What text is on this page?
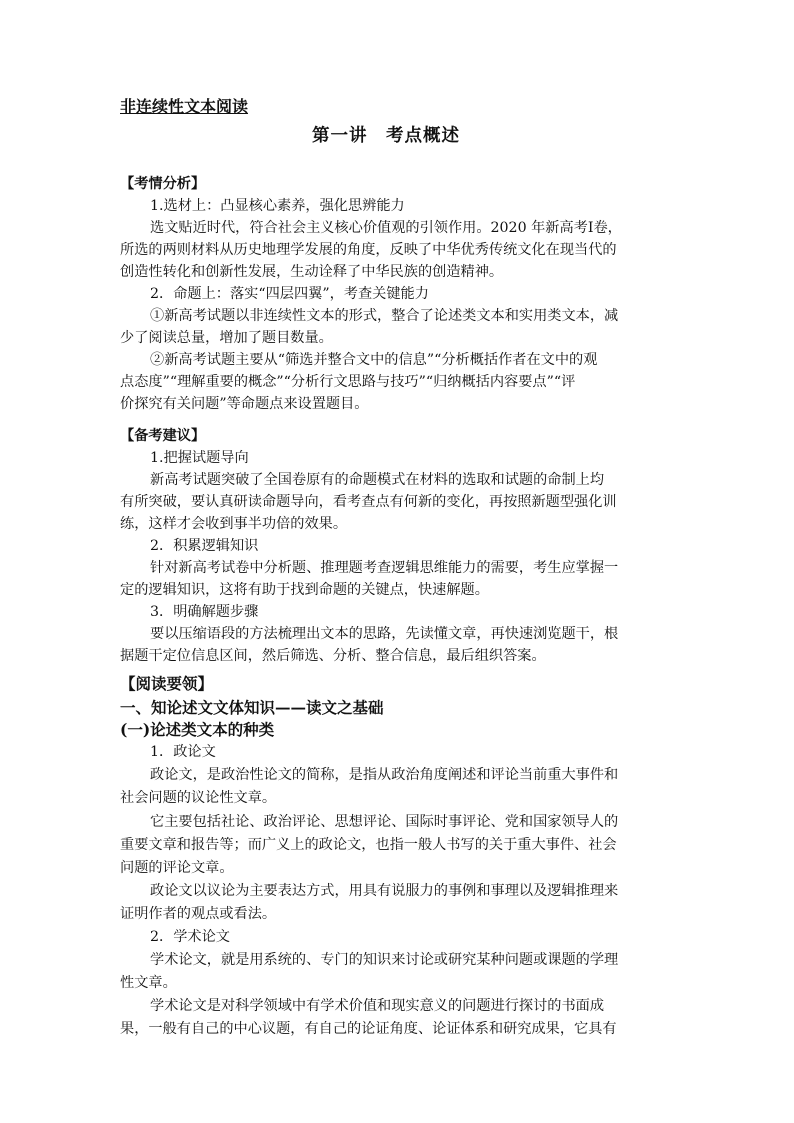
非连续性文本阅读
第一讲　考点概述
【考情分析】
1.选材上：凸显核心素养，强化思辨能力
选文贴近时代，符合社会主义核心价值观的引领作用。2020 年新高考Ⅰ卷，
所选的两则材料从历史地理学发展的角度，反映了中华优秀传统文化在现当代的
创造性转化和创新性发展，生动诠释了中华民族的创造精神。
2．命题上：落实“四层四翼”，考查关键能力
①新高考试题以非连续性文本的形式，整合了论述类文本和实用类文本，减
少了阅读总量，增加了题目数量。
②新高考试题主要从“筛选并整合文中的信息”“分析概括作者在文中的观
点态度”“理解重要的概念”“分析行文思路与技巧”“归纳概括内容要点”“评
价探究有关问题”等命题点来设置题目。
【备考建议】
1.把握试题导向
新高考试题突破了全国卷原有的命题模式在材料的选取和试题的命制上均
有所突破，要认真研读命题导向，看考查点有何新的变化，再按照新题型强化训
练，这样才会收到事半功倍的效果。
2．积累逻辑知识
针对新高考试卷中分析题、推理题考查逻辑思维能力的需要，考生应掌握一
定的逻辑知识，这将有助于找到命题的关键点，快速解题。
3．明确解题步骤
要以压缩语段的方法梳理出文本的思路，先读懂文章，再快速浏览题干，根
据题干定位信息区间，然后筛选、分析、整合信息，最后组织答案。
【阅读要领】
一、知论述文文体知识——读文之基础
(一)论述类文本的种类
1．政论文
政论文，是政治性论文的简称，是指从政治角度阐述和评论当前重大事件和
社会问题的议论性文章。
它主要包括社论、政治评论、思想评论、国际时事评论、党和国家领导人的
重要文章和报告等；而广义上的政论文，也指一般人书写的关于重大事件、社会
问题的评论文章。
政论文以议论为主要表达方式，用具有说服力的事例和事理以及逻辑推理来
证明作者的观点或看法。
2．学术论文
学术论文，就是用系统的、专门的知识来讨论或研究某种问题或课题的学理
性文章。
学术论文是对科学领域中有学术价值和现实意义的问题进行探讨的书面成
果，一般有自己的中心议题，有自己的论证角度、论证体系和研究成果，它具有
